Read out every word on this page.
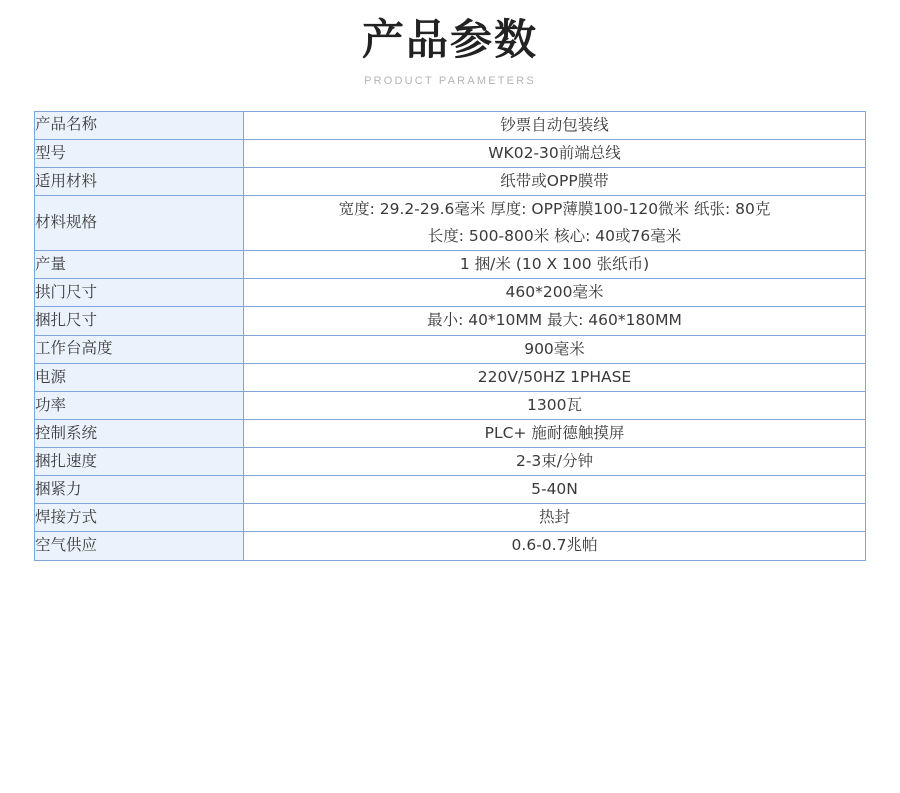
产品参数
PRODUCT PARAMETERS
产品名称	钞票自动包装线

型号	WK02-30前端总线

适用材料	纸带或OPP膜带

材料规格	宽度: 29.2-29.6毫米 厚度: OPP薄膜100-120微米 纸张: 80克
长度: 500-800米 核心: 40或76毫米

产量	1 捆/米 (10 X 100 张纸币)

拱门尺寸	460*200毫米

捆扎尺寸	最小: 40*10MM 最大: 460*180MM

工作台高度	900毫米

电源	220V/50HZ 1PHASE

功率	1300瓦

控制系统	PLC+ 施耐德触摸屏

捆扎速度	2-3束/分钟

捆紧力	5-40N

焊接方式	热封

空气供应	0.6-0.7兆帕
